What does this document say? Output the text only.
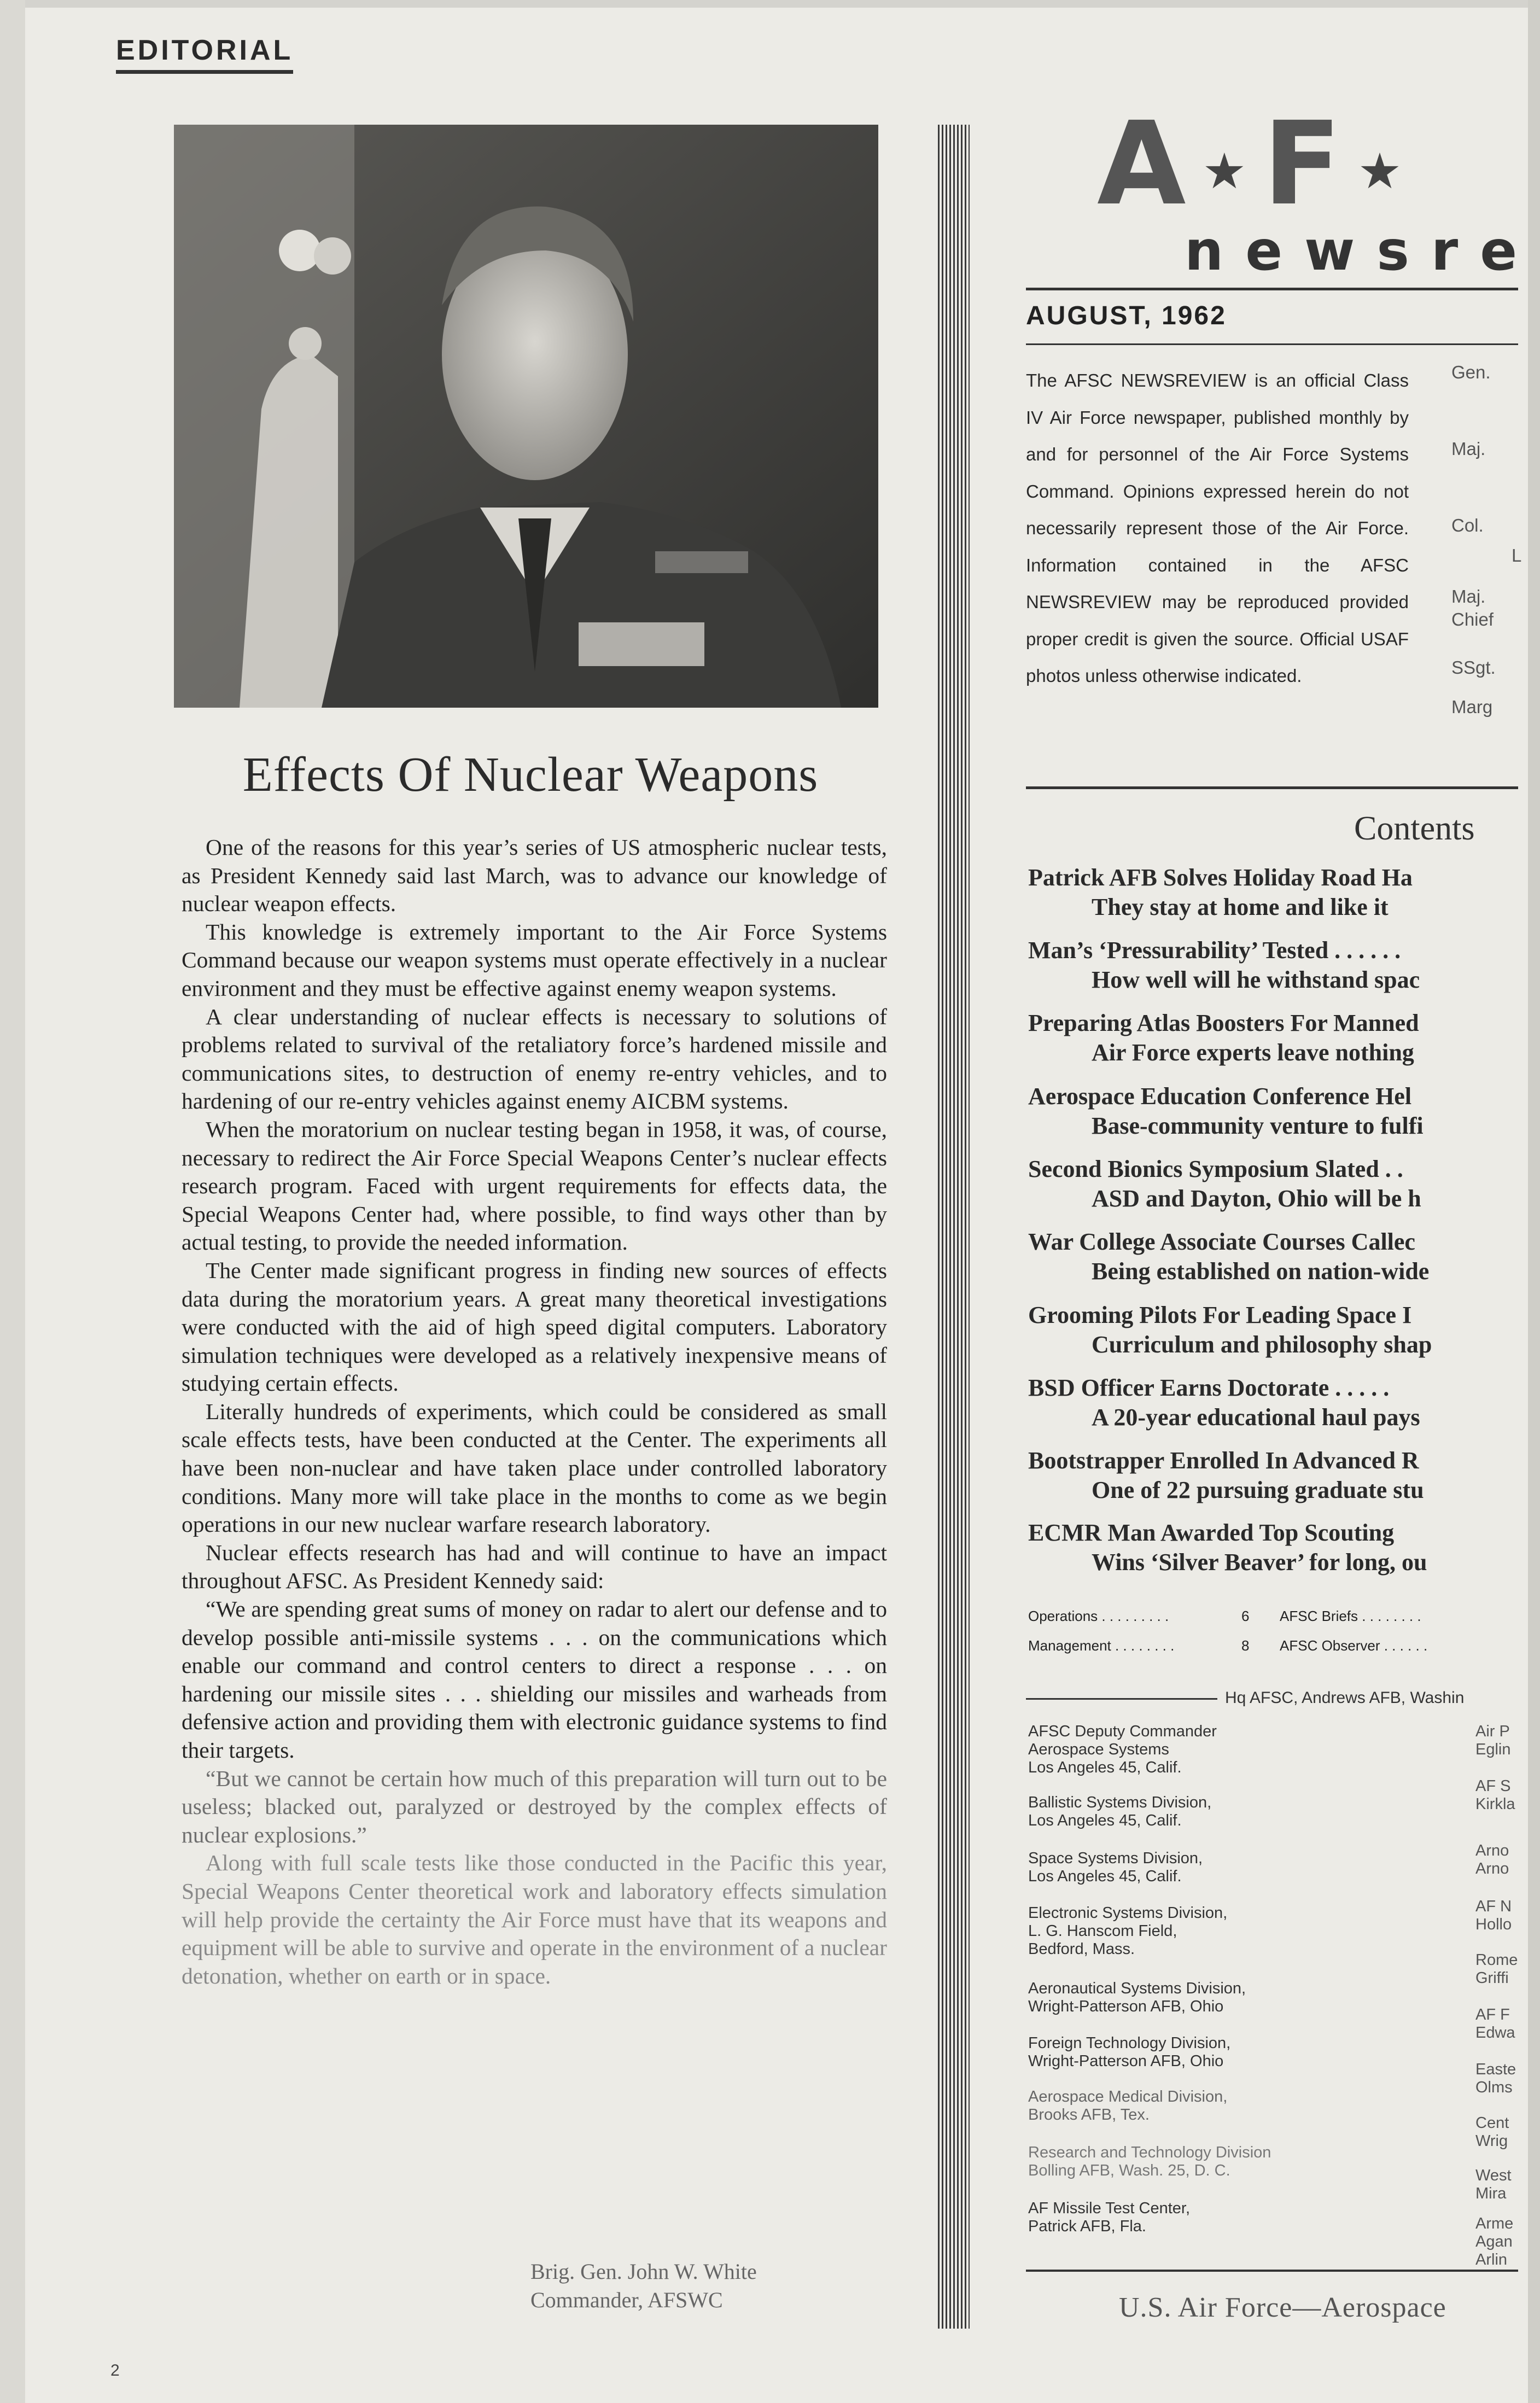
EDITORIAL
Effects Of Nuclear Weapons

One of the reasons for this year’s series of US atmospheric nuclear tests, as President Kennedy said last March, was to advance our knowledge of nuclear weapon effects.

This knowledge is extremely important to the Air Force Systems Command because our weapon systems must operate effectively in a nuclear environment and they must be effective against enemy weapon systems.

A clear understanding of nuclear effects is necessary to solutions of problems related to survival of the retaliatory force’s hardened missile and communications sites, to destruction of enemy re-entry vehicles, and to hardening of our re-entry vehicles against enemy AICBM systems.

When the moratorium on nuclear testing began in 1958, it was, of course, necessary to redirect the Air Force Special Weapons Center’s nuclear effects research program. Faced with urgent requirements for effects data, the Special Weapons Center had, where possible, to find ways other than by actual testing, to provide the needed information.

The Center made significant progress in finding new sources of effects data during the moratorium years. A great many theoretical investigations were conducted with the aid of high speed digital computers. Laboratory simulation techniques were developed as a relatively inexpensive means of studying certain effects.

Literally hundreds of experiments, which could be considered as small scale effects tests, have been conducted at the Center. The experiments all have been non-nuclear and have taken place under controlled laboratory conditions. Many more will take place in the months to come as we begin operations in our new nuclear warfare research laboratory.

Nuclear effects research has had and will continue to have an impact throughout AFSC. As President Kennedy said:

“We are spending great sums of money on radar to alert our defense and to develop possible anti-missile systems . . . on the communications which enable our command and control centers to direct a response . . . on hardening our missile sites . . . shielding our missiles and warheads from defensive action and providing them with electronic guidance systems to find their targets.

“But we cannot be certain how much of this preparation will turn out to be useless; blacked out, paralyzed or destroyed by the complex effects of nuclear explosions.”

Along with full scale tests like those conducted in the Pacific this year, Special Weapons Center theoretical work and laboratory effects simulation will help provide the certainty the Air Force must have that its weapons and equipment will be able to survive and operate in the environment of a nuclear detonation, whether on earth or in space.

Brig. Gen. John W. White
Commander, AFSWC
2
A ★ F ★
newsre
AUGUST, 1962
The AFSC NEWSREVIEW is an official Class IV Air Force newspaper, published monthly by and for personnel of the Air Force Systems Command. Opinions expressed herein do not necessarily represent those of the Air Force. Information contained in the AFSC NEWSREVIEW may be reproduced provided proper credit is given the source. Official USAF photos unless otherwise indicated.
Gen.
Maj.
Col.
L
Maj.
Chief
SSgt.
Marg
Contents
Patrick AFB Solves Holiday Road Ha
They stay at home and like it
Man’s ‘Pressurability’ Tested . . . . . .
How well will he withstand spac
Preparing Atlas Boosters For Manned
Air Force experts leave nothing
Aerospace Education Conference Hel
Base-community venture to fulfi
Second Bionics Symposium Slated . .
ASD and Dayton, Ohio will be h
War College Associate Courses Callec
Being established on nation-wide
Grooming Pilots For Leading Space I
Curriculum and philosophy shap
BSD Officer Earns Doctorate . . . . .
A 20-year educational haul pays
Bootstrapper Enrolled In Advanced R
One of 22 pursuing graduate stu
ECMR Man Awarded Top Scouting
Wins ‘Silver Beaver’ for long, ou
Operations . . . . . . . . .	6 AFSC Briefs . . . . . . . .
Management . . . . . . . .	8 AFSC Observer . . . . . .
Hq AFSC, Andrews AFB, Washin
AFSC Deputy Commander
Aerospace Systems
Los Angeles 45, Calif.
Ballistic Systems Division,
Los Angeles 45, Calif.
Space Systems Division,
Los Angeles 45, Calif.
Electronic Systems Division,
L. G. Hanscom Field,
Bedford, Mass.
Aeronautical Systems Division,
Wright-Patterson AFB, Ohio
Foreign Technology Division,
Wright-Patterson AFB, Ohio
Aerospace Medical Division,
Brooks AFB, Tex.
Research and Technology Division
Bolling AFB, Wash. 25, D. C.
AF Missile Test Center,
Patrick AFB, Fla.
Air P
Eglin
AF S
Kirkla
Arno
Arno
AF N
Hollo
Rome
Griffi
AF F
Edwa
Easte
Olms
Cent
Wrig
West
Mira
Arme
Agan
Arlin
U.S. Air Force—Aerospace
